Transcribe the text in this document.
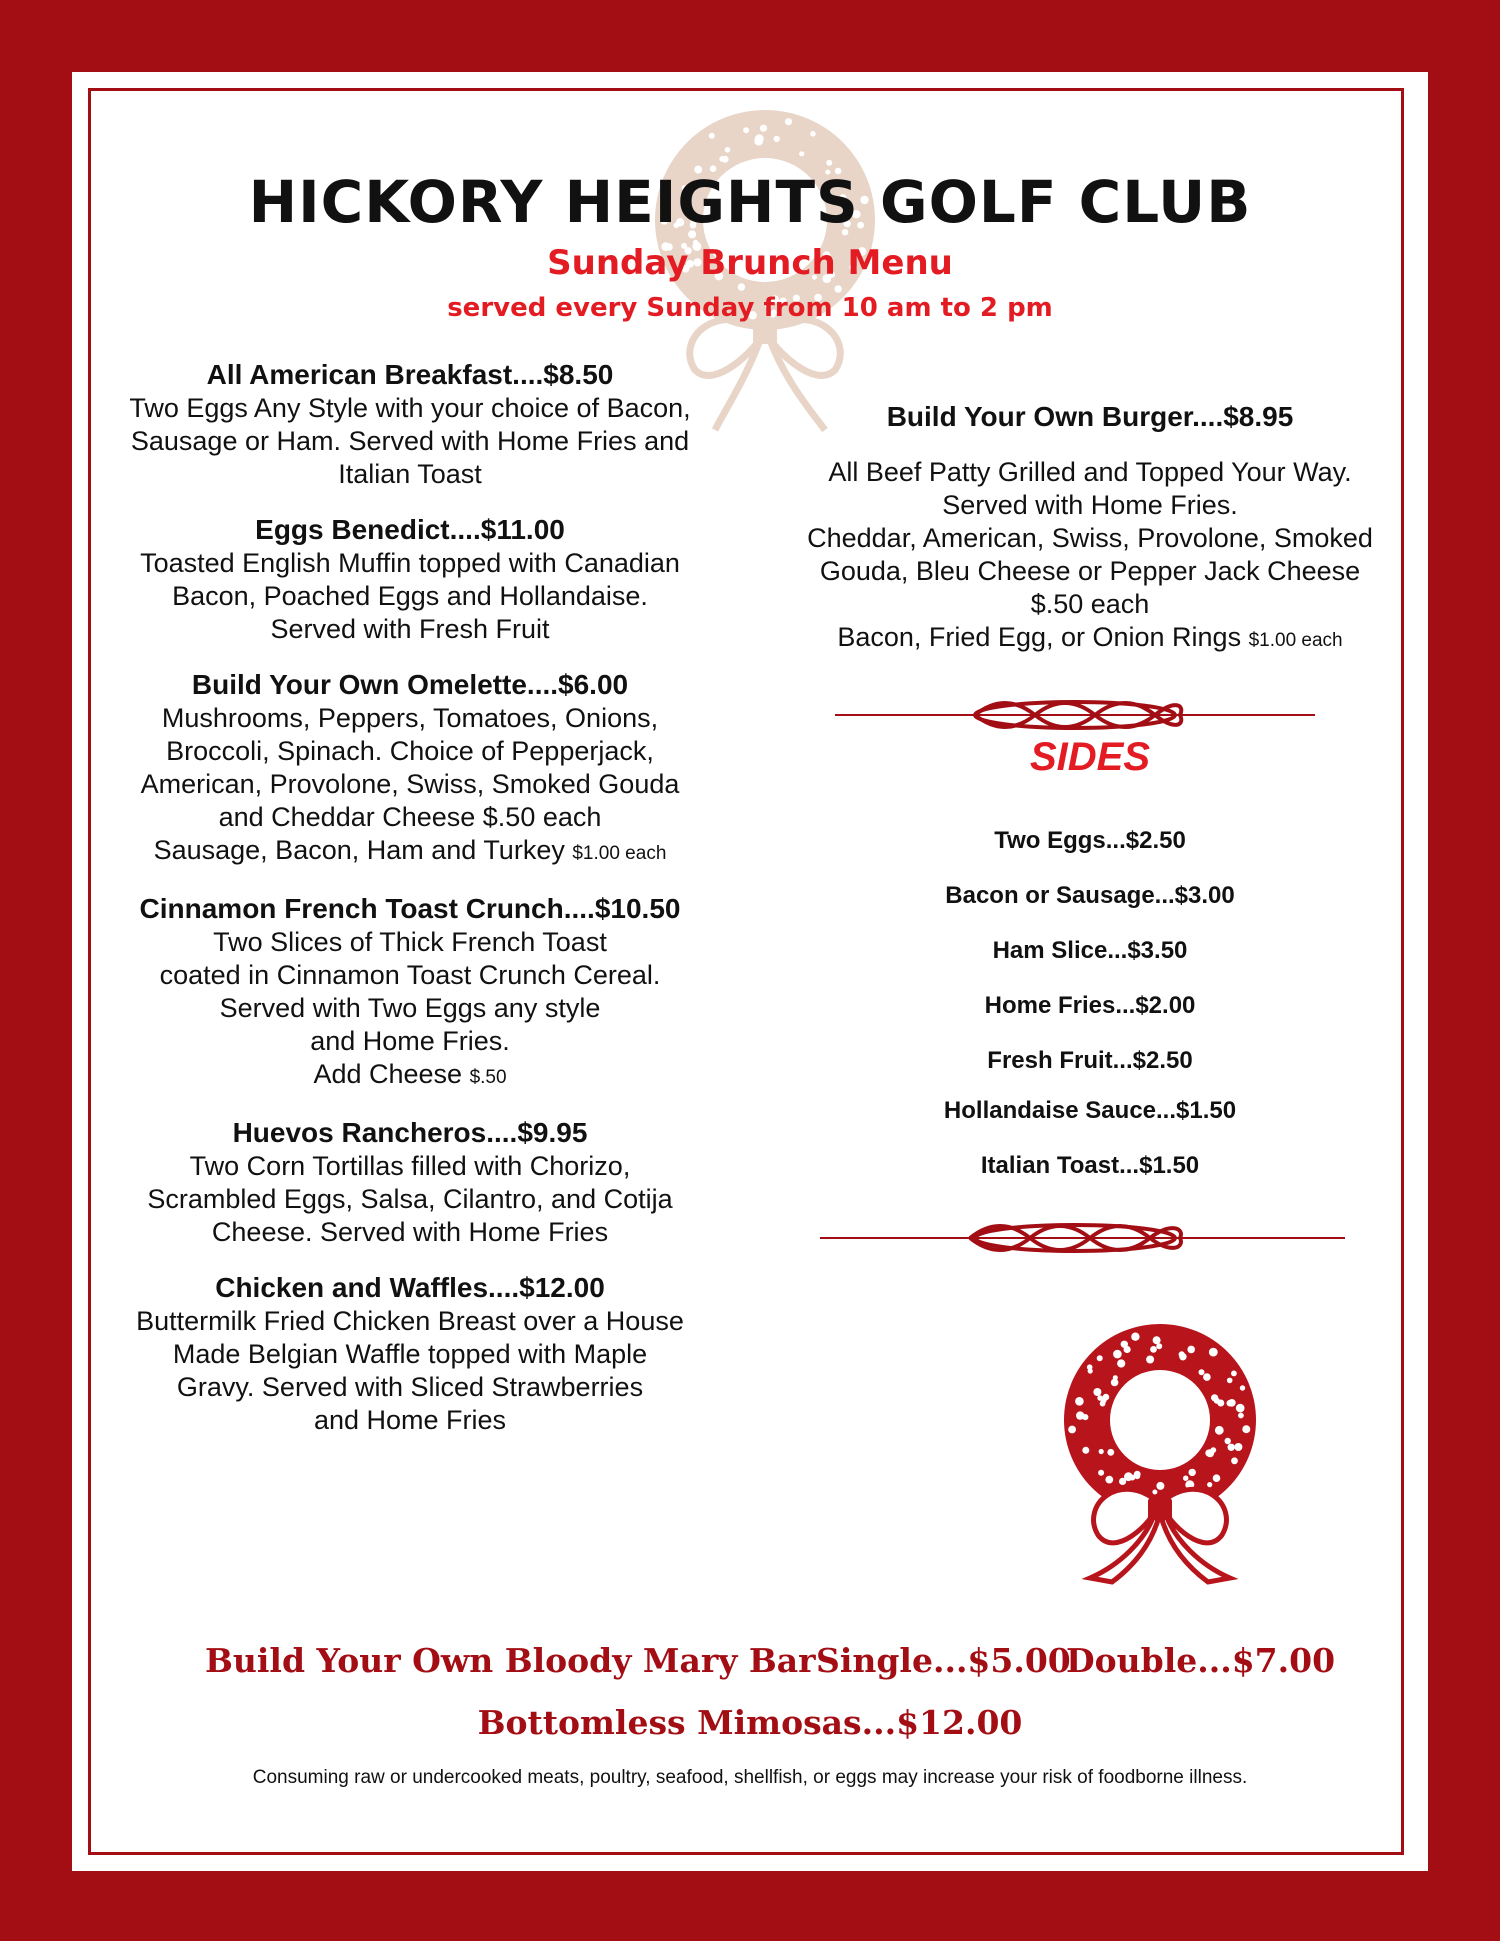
HICKORY HEIGHTS GOLF CLUB
Sunday Brunch Menu
served every Sunday from 10 am to 2 pm
All American Breakfast....$8.50
Two Eggs Any Style with your choice of Bacon,
Sausage or Ham. Served with Home Fries and
Italian Toast
Eggs Benedict....$11.00
Toasted English Muffin topped with Canadian
Bacon, Poached Eggs and Hollandaise.
Served with Fresh Fruit
Build Your Own Omelette....$6.00
Mushrooms, Peppers, Tomatoes, Onions,
Broccoli, Spinach. Choice of Pepperjack,
American, Provolone, Swiss, Smoked Gouda
and Cheddar Cheese $.50 each
Sausage, Bacon, Ham and Turkey $1.00 each
Cinnamon French Toast Crunch....$10.50
Two Slices of Thick French Toast
coated in Cinnamon Toast Crunch Cereal.
Served with Two Eggs any style
and Home Fries.
Add Cheese $.50
Huevos Rancheros....$9.95
Two Corn Tortillas filled with Chorizo,
Scrambled Eggs, Salsa, Cilantro, and Cotija
Cheese. Served with Home Fries
Chicken and Waffles....$12.00
Buttermilk Fried Chicken Breast over a House
Made Belgian Waffle topped with Maple
Gravy. Served with Sliced Strawberries
and Home Fries
Build Your Own Burger....$8.95
All Beef Patty Grilled and Topped Your Way.
Served with Home Fries.
Cheddar, American, Swiss, Provolone, Smoked
Gouda, Bleu Cheese or Pepper Jack Cheese
$.50 each
Bacon, Fried Egg, or Onion Rings $1.00 each
SIDES
Two Eggs...$2.50
Bacon or Sausage...$3.00
Ham Slice...$3.50
Home Fries...$2.00
Fresh Fruit...$2.50
Hollandaise Sauce...$1.50
Italian Toast...$1.50
Build Your Own Bloody Mary Bar Single...$5.00
Double...$7.00
Bottomless Mimosas...$12.00
Consuming raw or undercooked meats, poultry, seafood, shellfish, or eggs may increase your risk of foodborne illness.
